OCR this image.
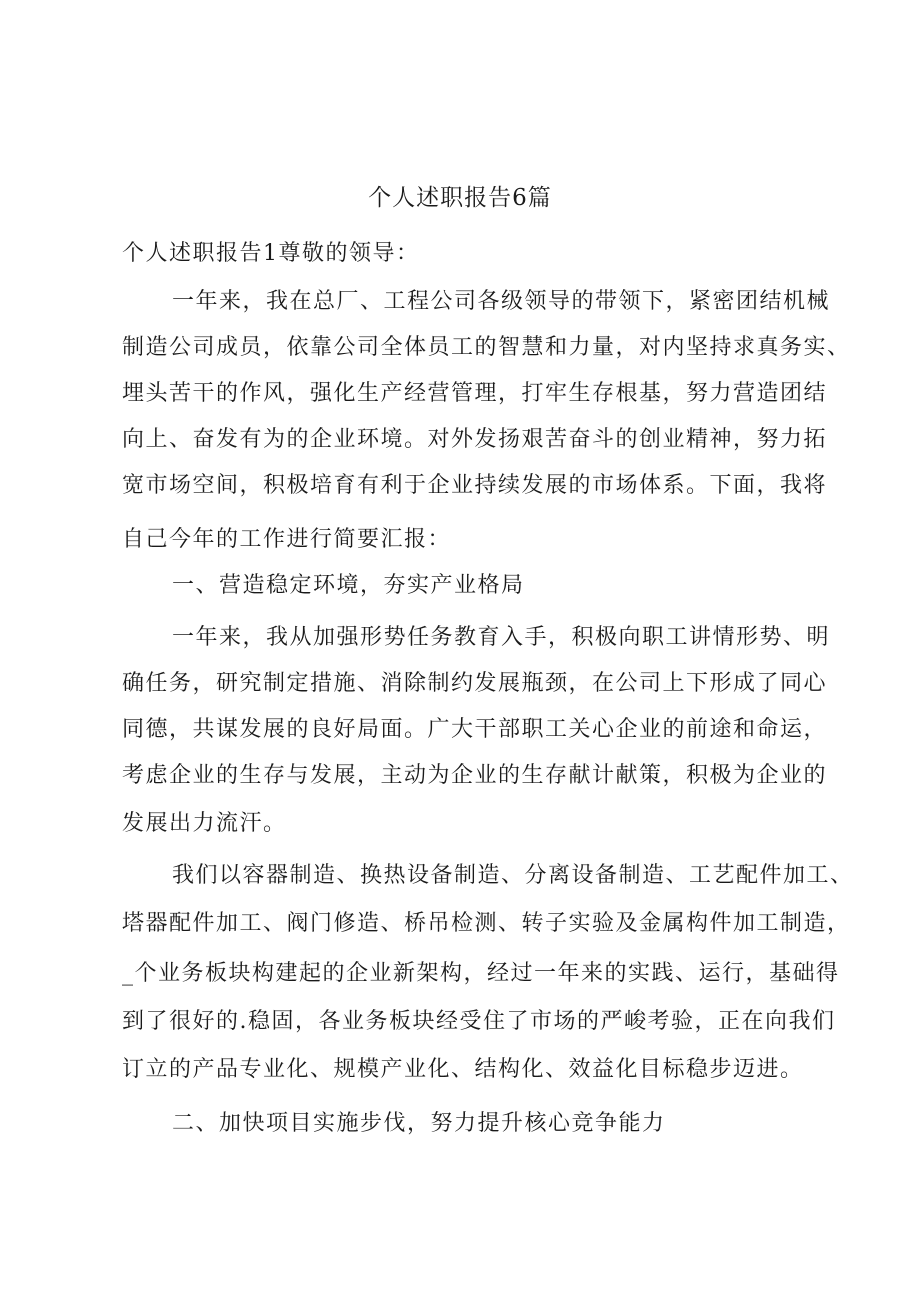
个人述职报告6篇
个人述职报告1尊敬的领导：
一年来，我在总厂、工程公司各级领导的带领下，紧密团结机械
制造公司成员，依靠公司全体员工的智慧和力量，对内坚持求真务实、
埋头苦干的作风，强化生产经营管理，打牢生存根基，努力营造团结
向上、奋发有为的企业环境。对外发扬艰苦奋斗的创业精神，努力拓
宽市场空间，积极培育有利于企业持续发展的市场体系。下面，我将
自己今年的工作进行简要汇报：
一、营造稳定环境，夯实产业格局
一年来，我从加强形势任务教育入手，积极向职工讲情形势、明
确任务，研究制定措施、消除制约发展瓶颈，在公司上下形成了同心
同德，共谋发展的良好局面。广大干部职工关心企业的前途和命运，
考虑企业的生存与发展，主动为企业的生存献计献策，积极为企业的
发展出力流汗。
我们以容器制造、换热设备制造、分离设备制造、工艺配件加工、
塔器配件加工、阀门修造、桥吊检测、转子实验及金属构件加工制造，
_个业务板块构建起的企业新架构，经过一年来的实践、运行，基础得
到了很好的.稳固，各业务板块经受住了市场的严峻考验，正在向我们
订立的产品专业化、规模产业化、结构化、效益化目标稳步迈进。
二、加快项目实施步伐，努力提升核心竞争能力
